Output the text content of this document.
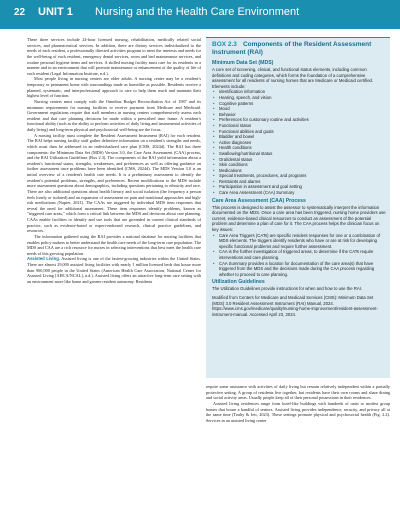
22 UNIT 1 Nursing and the Health Care Environment

These three services include 24-hour licensed nursing, rehabilitation, medically related social services, and pharmaceutical services. In addition, there are dietary services individualized to the needs of each resident, a professionally directed activities program to meet the interests and needs for the well-being of each resident, emergency dental services, room and bed maintenance services, and routine personal hygiene items and services. A skilled nursing facility must care for its residents in a manner and in an environment that will promote maintenance or enhancement of the quality of life of each resident (Legal Information Institute, n.d.).

Most people living in nursing centers are older adults. A nursing center may be a resident's temporary or permanent home with surroundings made as homelike as possible. Residents receive a planned, systematic, and interprofessional approach to care to help them reach and maintain their highest level of function.

Nursing centers must comply with the Omnibus Budget Reconciliation Act of 1987 and its minimum requirements for nursing facilities to receive payment from Medicare and Medicaid. Government regulations require that staff members in nursing centers comprehensively assess each resident and that care planning decisions be made within a prescribed time frame. A resident's functional ability (such as the ability to perform activities of daily living and instrumental activities of daily living) and long-term physical and psychosocial well-being are the focus.

A nursing facility must complete the Resident Assessment Instrument (RAI) for each resident. The RAI helps nursing facility staff gather definitive information on a resident's strengths and needs, which must then be addressed in an individualized care plan (CMS, 2024d). The RAI has three components: the Minimum Data Set (MDS) Version 3.0, the Care Area Assessment (CAA) process, and the RAI Utilization Guidelines (Box 2.3). The components of the RAI yield information about a resident's functional status, strengths, weaknesses, and preferences as well as offering guidance on further assessment once problems have been identified (CMS, 2024d). The MDS Version 3.0 is an initial overview of a resident's health care needs. It is a preliminary assessment to identify the resident's potential problems, strengths, and preferences. Recent modifications to the MDS include more assessment questions about demographics, including questions pertaining to ethnicity and race. There are also additional questions about health literacy and social isolation (the frequency a person feels lonely or isolated) and an expansion of assessment on pain and nutritional approaches and high-risk medications (Napier, 2021). The CAAs are triggered by individual MDS item responses that reveal the need for additional assessment. These item responses identify problems, known as "triggered care areas," which form a critical link between the MDS and decisions about care planning. CAAs enable facilities to identify and use tools that are grounded in current clinical standards of practice, such as evidence-based or expert-endorsed research, clinical practice guidelines, and resources.

The information gathered using the RAI provides a national database for nursing facilities that enables policy makers to better understand the health care needs of the long-term care population. The MDS and CAA are a rich resource for nurses in selecting interventions that best meet the health care needs of this growing population.

Assisted Living. Assisted living is one of the fastest-growing industries within the United States. There are almost 29,000 assisted living facilities with nearly 1 million licensed beds that house more than 900,000 people in the United States (American Health Care Association, National Center for Assisted Living [AHCA/NCAL], n.d.). Assisted living offers an attractive long-term care setting with an environment more like home and greater resident autonomy. Residents

BOX 2.3 Components of the Resident Assessment Instrument (RAI)
Minimum Data Set (MDS)

A core set of screening, clinical, and functional status elements, including common definitions and coding categories, which forms the foundation of a comprehensive assessment for all residents of nursing homes that are Medicare or Medicaid certified. Elements include:

• Identification information
• Hearing, speech, and vision
• Cognitive patterns
• Mood
• Behavior
• Preferences for customary routine and activities
• Functional status
• Functional abilities and goals
• Bladder and bowel
• Active diagnoses
• Health conditions
• Swallowing/nutritional status
• Oral/dental status
• Skin conditions
• Medications
• Special treatments, procedures, and programs
• Restraints and alarms
• Participation in assessment and goal setting
• Care Area Assessment (CAA) Summary
Care Area Assessment (CAA) Process

This process is designed to assist the assessor to systematically interpret the information documented on the MDS. Once a care area has been triggered, nursing home providers use current, evidence-based clinical resources to conduct an assessment of the potential problem and determine a plan of care for it. The CAA process helps the clinician focus on key issues:

• Care Area Triggers (CATs) are specific resident responses for one or a combination of MDS elements. The triggers identify residents who have or are at risk for developing specific functional problems and require further assessment.
• CAA is the further investigation of triggered areas, to determine if the CATs require interventions and care planning.
• CAA Summary provides a location for documentation of the care area(s) that have triggered from the MDS and the decisions made during the CAA process regarding whether to proceed to care planning.
Utilization Guidelines

The Utilization Guidelines provide instructions for when and how to use the RAI.

Modified from Centers for Medicare and Medicaid Services (CMS): Minimum Data Set (MDS) 3.0 Resident Assessment Instrument (RAI) Manual, 2024. https://www.cms.gov/medicare/quality/nursing-home-improvement/resident-assessment-instrument-manual. Accessed April 23, 2024.

require some assistance with activities of daily living but remain relatively independent within a partially protective setting. A group of residents live together, but residents have their own rooms and share dining and social activity areas. Usually people keep all of their personal possessions in their residences.

Assisted living residences range from hotel-like buildings with hundreds of units to modest group homes that house a handful of seniors. Assisted living provides independence, security, and privacy all at the same time (Touhy & Jett, 2023). These settings promote physical and psychosocial health (Fig. 2.2). Services in an assisted living center
